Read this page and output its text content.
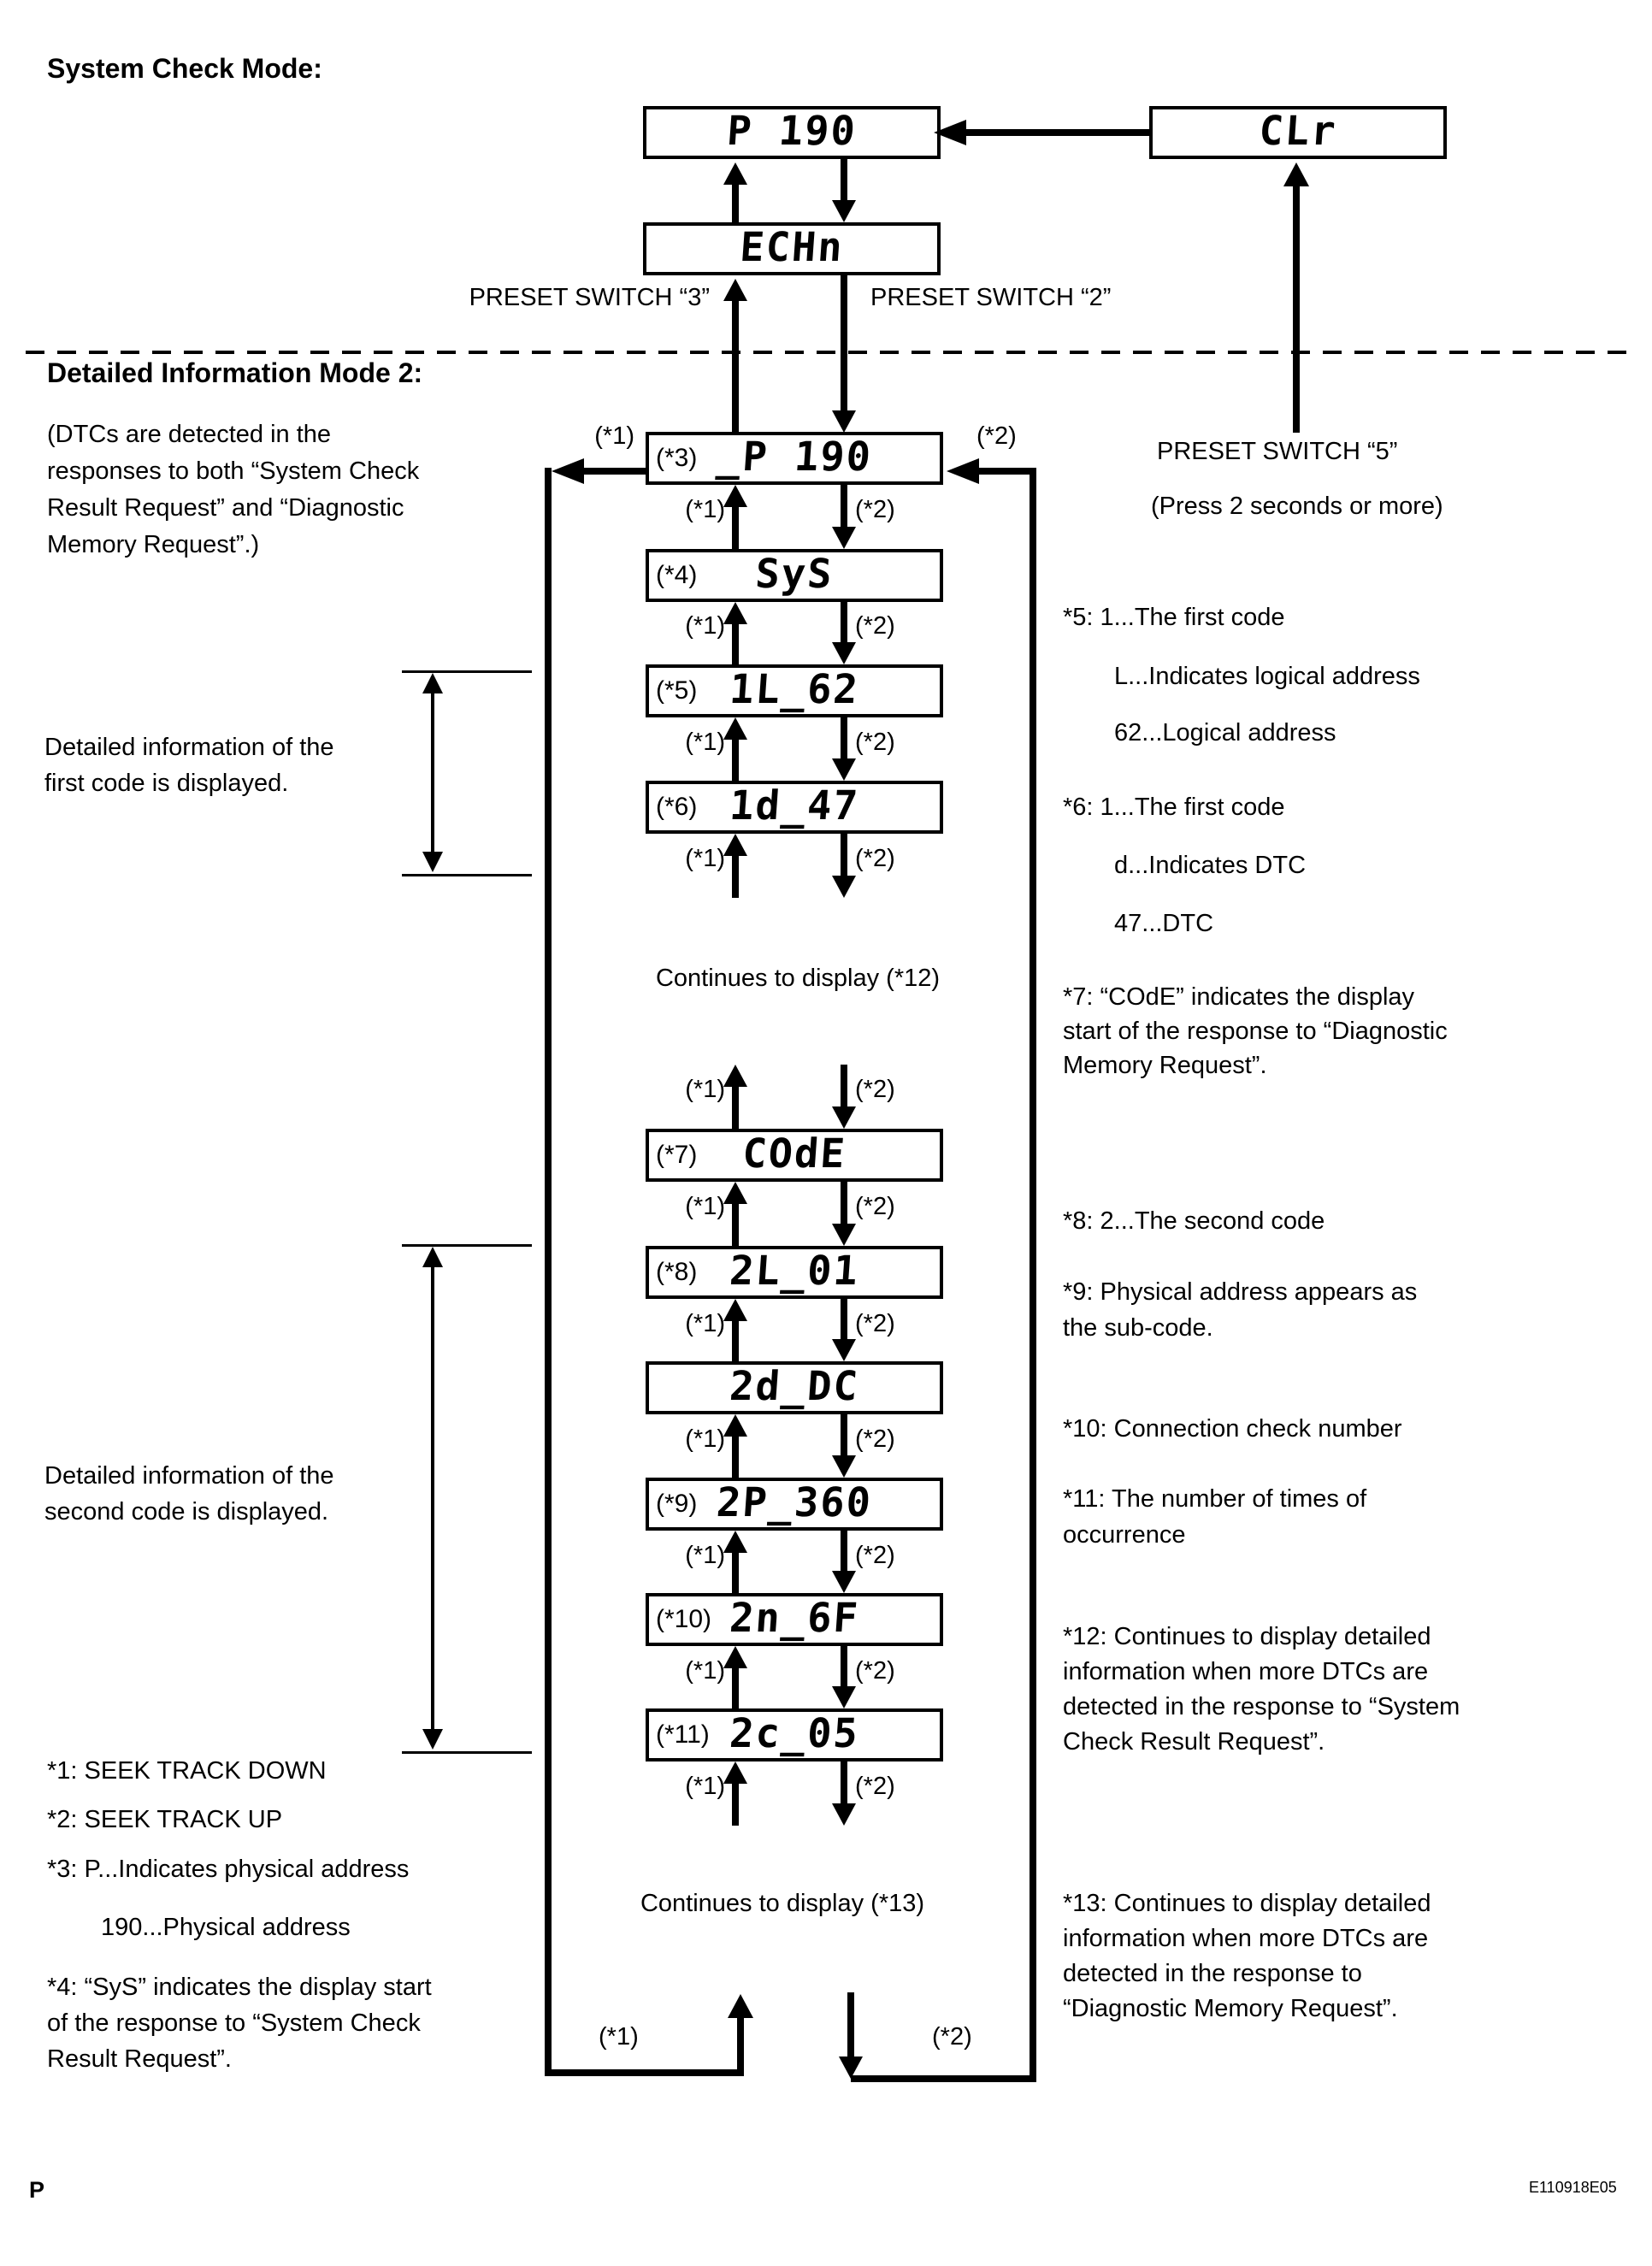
System Check Mode:
P 190	CLr
ECHn
PRESET SWITCH “3”	PRESET SWITCH “2”
Detailed Information Mode 2:
(DTCs are detected in the
responses to both “System Check
Result Request” and “Diagnostic
Memory Request”.)
PRESET SWITCH “5”
(Press 2 seconds or more)
(*3) _P 190
(*4)	SyS
(*5) 1L_62
(*6) 1d_47
(*7)	COdE
(*8) 2L_01
2d_DC
(*9) 2P_360
(*10) 2n_6F
(*11) 2c_05
(*1)	(*2)
(*1)	(*2)
(*1)	(*2)
(*1)	(*2)
(*1)	(*2)
Continues to display (*12)
(*1)	(*2)
(*1)	(*2)
(*1)	(*2)
(*1)	(*2)
(*1)	(*2)
(*1)	(*2)
(*1)	(*2)
Continues to display (*13)
(*1)	(*2)
Detailed information of the
first code is displayed.
Detailed information of the
second code is displayed.
*1: SEEK TRACK DOWN
*2: SEEK TRACK UP
*3: P...Indicates physical address
190...Physical address
*4: “SyS” indicates the display start
of the response to “System Check
Result Request”.
*5: 1...The first code
L...Indicates logical address
62...Logical address
*6: 1...The first code
d...Indicates DTC
47...DTC
*7: “COdE” indicates the display
start of the response to “Diagnostic
Memory Request”.
*8: 2...The second code
*9: Physical address appears as
the sub-code.
*10: Connection check number
*11: The number of times of
occurrence
*12: Continues to display detailed
information when more DTCs are
detected in the response to “System
Check Result Request”.
*13: Continues to display detailed
information when more DTCs are
detected in the response to
“Diagnostic Memory Request”.
P	E110918E05
